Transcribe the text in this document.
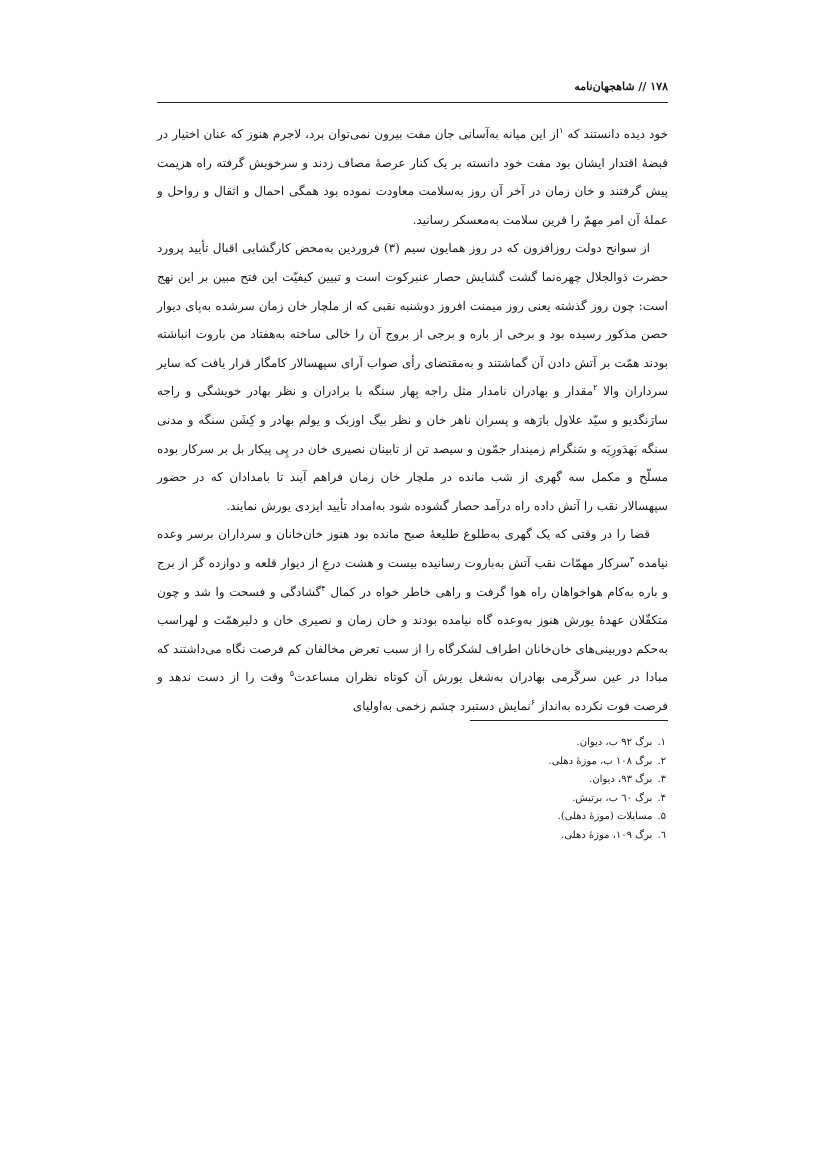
۱۷۸ // شاهجهان‌نامه

خود دیده دانستند که $^۱$از این میانه به‌آسانی جان مفت بیرون نمی‌توان برد، لاجرم هنوز که عنان اختیار در قبضهٔ اقتدار ایشان بود مفت خود دانسته بر یک کنار عرصهٔ مصاف زدند و سرخویش گرفته راه هزیمت پیش گرفتند و خان زمان در آخر آن روز به‌سلامت معاودت نموده بود همگی احمال و اثقال و رواحل و عملهٔ آن امر مهمّ را قرین سلامت به‌معسکر رسانید.

از سوانح دولت روزافزون که در روز همایون سیم (۳) فروردین به‌محض کارگشایی اقبال تأیید پرورد حضرت ذوالجلال چهره‌نما گشت گشایش حصار عنبرکوت است و تبیین کیفیّت این فتح مبین بر این نهج است: چون روز گذشته یعنی روز میمنت افروز دوشنبه نقبی که از ملچار خان زمان سرشده به‌پای دیوار حصن مذکور رسیده بود و برخی از باره و برجی از بروج آن را خالی ساخته به‌هفتاد من باروت انباشته بودند همّت بر آتش دادن آن گماشتند و به‌مقتضای رأی صواب آرای سپهسالار کامگار قرار یافت که سایر سرداران والا $^۲$مقدار و بهادران نامدار مثل راجه بِهار سنگه با برادران و نظر بهادر خویشگی و راجه سارَنگدیو و سیّد علاول بارَهه و پسران ناهر خان و نظر بیگ اوزبک و یولم بهادر و کِشَن سنگه و مدنی سنگه بَهدَورِیَه و سَنگرام زمیندار جمّون و سیصد تن از تابینان نصیری خان در پِی پیکار بل بر سرکار بوده مسلّح و مکمل سه گهری از شب مانده در ملچار خان زمان فراهم آیند تا بامدادان که در حضور سپهسالار نقب را آتش داده راه درآمد حصار گشوده شود به‌امداد تأیید ایزدی یورش نمایند.

قضا را در وقتی که یک گهری به‌طلوع طلیعهٔ صبح مانده بود هنوز خان‌خانان و سرداران برسر وعده نیامده $^۳$سرکار مهمّات نقب آتش به‌باروت رسانیده بیست و هشت درعِ از دیوار قلعه و دوازده گز از برج و باره به‌کام هواخواهان راه هوا گرفت و راهی خاطر خواه در کمال $^۴$گشادگی و فسحت وا شد و چون متکفّلان عهدهٔ یورش هنوز به‌وعده گاه نیامده بودند و خان زمان و نصیری خان و دلیرهمّت و لهراسب به‌حکم دوربینی‌های خان‌خانان اطراف لشکرگاه را از سبب تعرض مخالفان کم فرصت نگاه می‌داشتند که مبادا در عین سرگَرمی بهادران به‌شغل یورش آن کوتاه نظران مساعدت$^۵$ وقت را از دست ندهد و فرصت فوت نکرده به‌انداز $^۶$نمایش دستبرد چشم زخمی به‌اولیای

۱.برگ ۹۲ ب، دیوان.
۲.برگ ۱۰۸ ب، موزهٔ دهلی.
۳.برگ ۹۳، دیوان.
۴.برگ ٦۰ ب، برتیش.
۵.مسایلات (موزهٔ دهلی).
٦.برگ ۱۰۹، موزهٔ دهلی.
